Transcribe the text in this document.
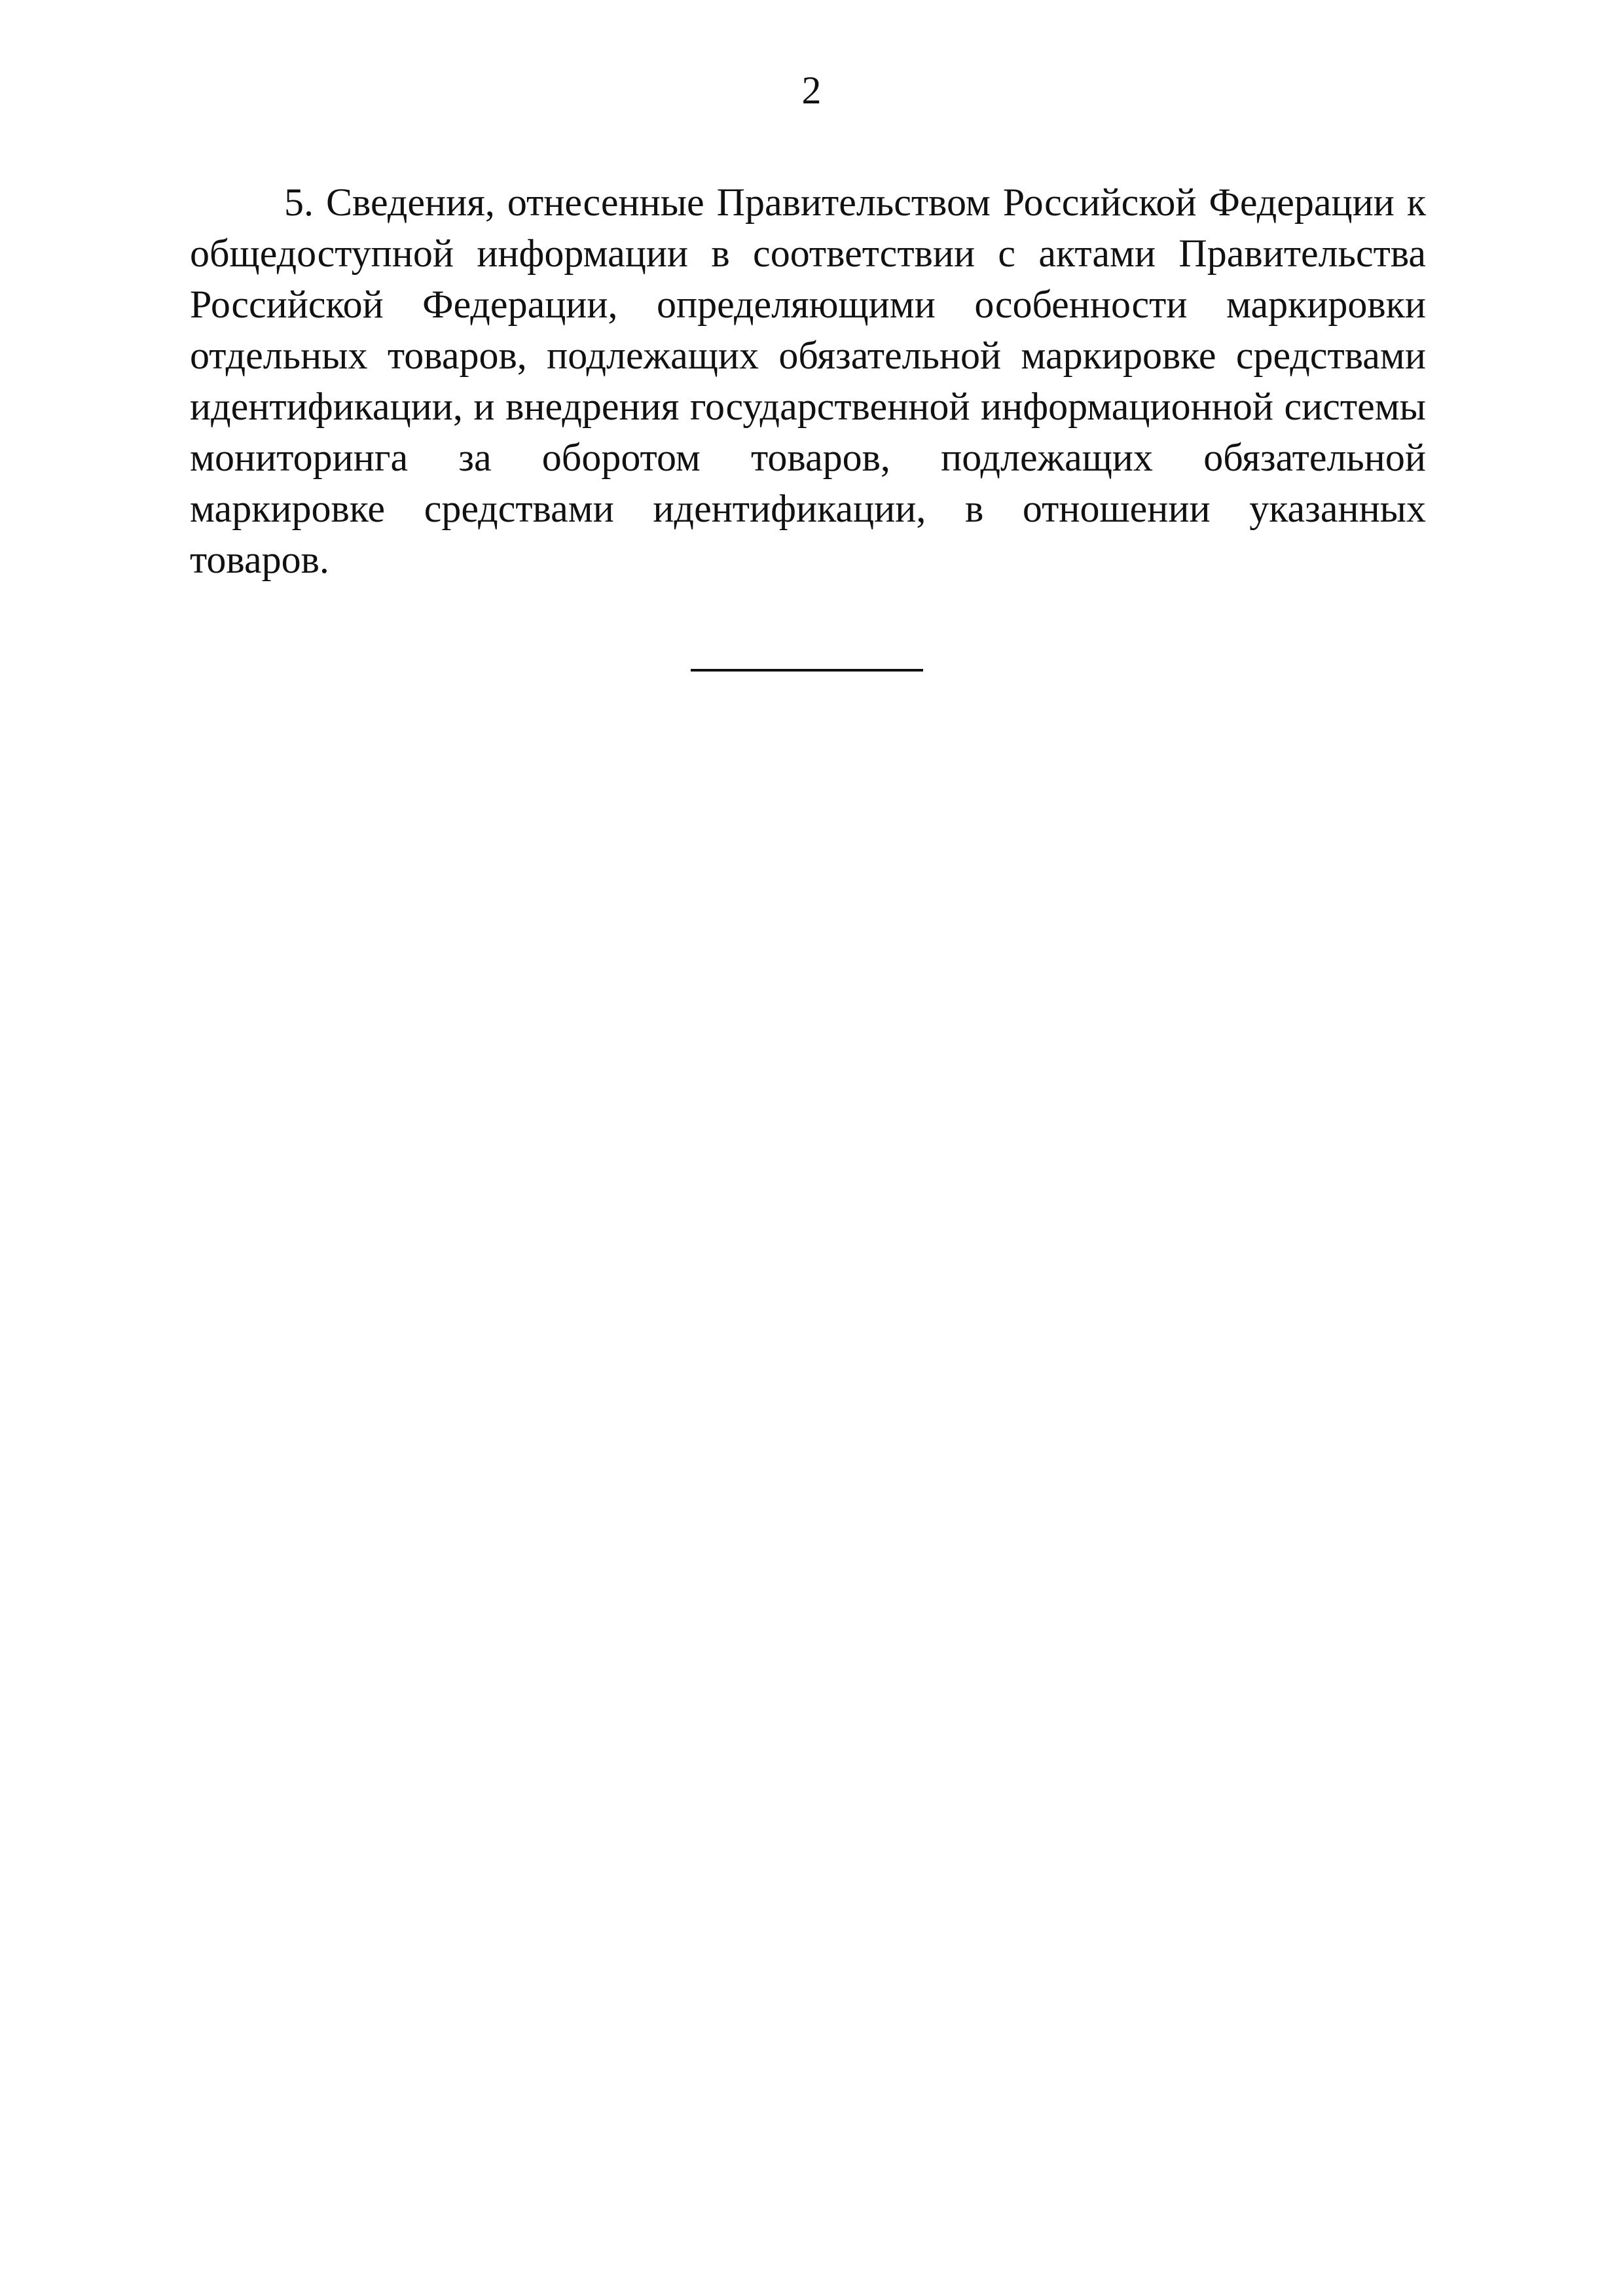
2

5. Сведения, отнесенные Правительством Российской Федерации к общедоступной информации в соответствии с актами Правительства Российской Федерации, определяющими особенности маркировки отдельных товаров, подлежащих обязательной маркировке средствами идентификации, и внедрения государственной информационной системы мониторинга за оборотом товаров, подлежащих обязательной маркировке средствами идентификации, в отношении указанных товаров.
